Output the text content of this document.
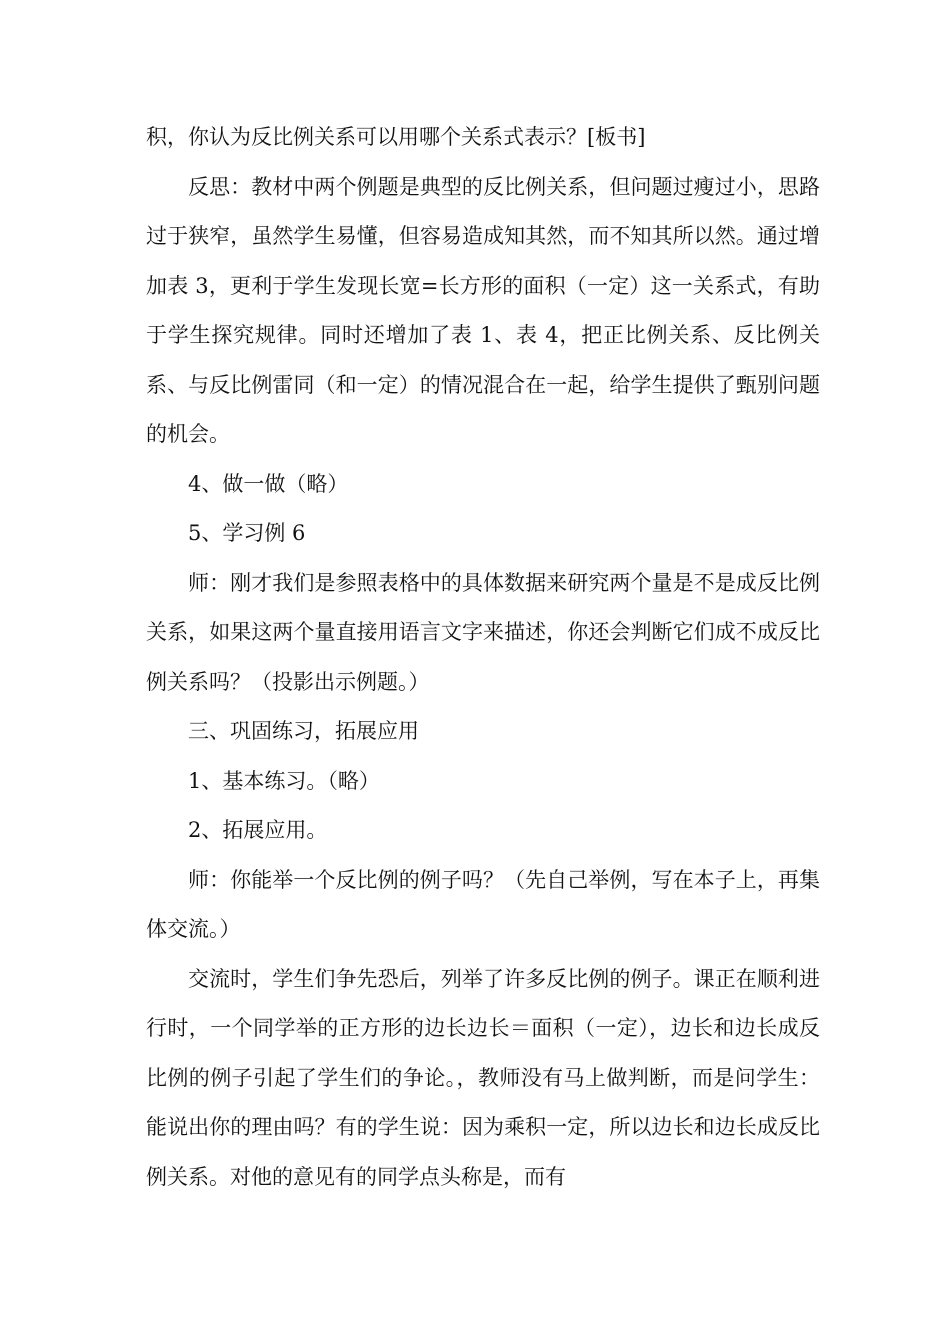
积，你认为反比例关系可以用哪个关系式表示？[板书]

反思：教材中两个例题是典型的反比例关系，但问题过瘦过小，思路过于狭窄，虽然学生易懂，但容易造成知其然，而不知其所以然。通过增加表 3，更利于学生发现长宽=长方形的面积（一定）这一关系式，有助于学生探究规律。同时还增加了表 1、表 4，把正比例关系、反比例关系、与反比例雷同（和一定）的情况混合在一起，给学生提供了甄别问题的机会。

4、做一做（略）

5、学习例 6

师：刚才我们是参照表格中的具体数据来研究两个量是不是成反比例关系，如果这两个量直接用语言文字来描述，你还会判断它们成不成反比例关系吗？（投影出示例题。）

三、巩固练习，拓展应用

1、基本练习。（略）

2、拓展应用。

师：你能举一个反比例的例子吗？（先自己举例，写在本子上，再集体交流。）

交流时，学生们争先恐后，列举了许多反比例的例子。课正在顺利进行时，一个同学举的正方形的边长边长＝面积（一定），边长和边长成反比例的例子引起了学生们的争论。，教师没有马上做判断，而是问学生：能说出你的理由吗？有的学生说：因为乘积一定，所以边长和边长成反比例关系。对他的意见有的同学点头称是，而有
